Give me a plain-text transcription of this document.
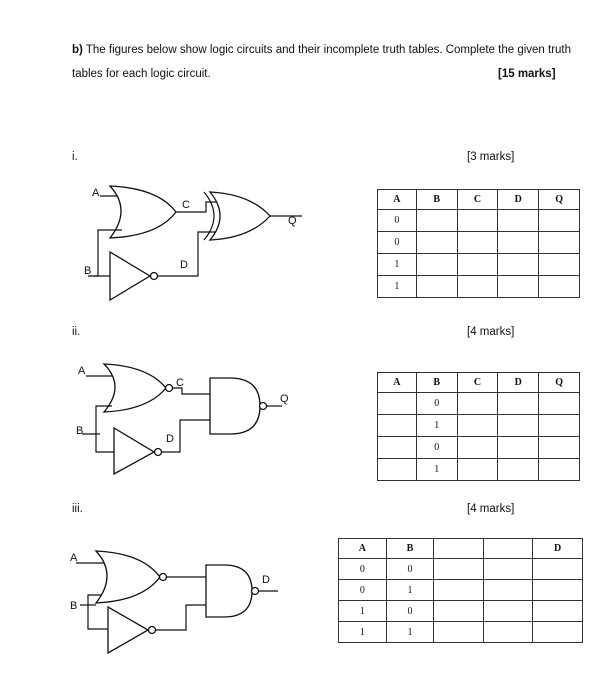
b) The figures below show logic circuits and their incomplete truth tables. Complete the given truth
tables for each logic circuit.	[15 marks]
i.	[3 marks]
A
C
B	D
Q
A	B	C	D	Q
0				
0				
1				
1				
ii.	[4 marks]
A
C
B
D
Q
A	B	C	D	Q
	0			
	1			
	0			
	1			
iii.	[4 marks]
A
B
D
A	B			D
0	0			
0	1			
1	0			
1	1			
